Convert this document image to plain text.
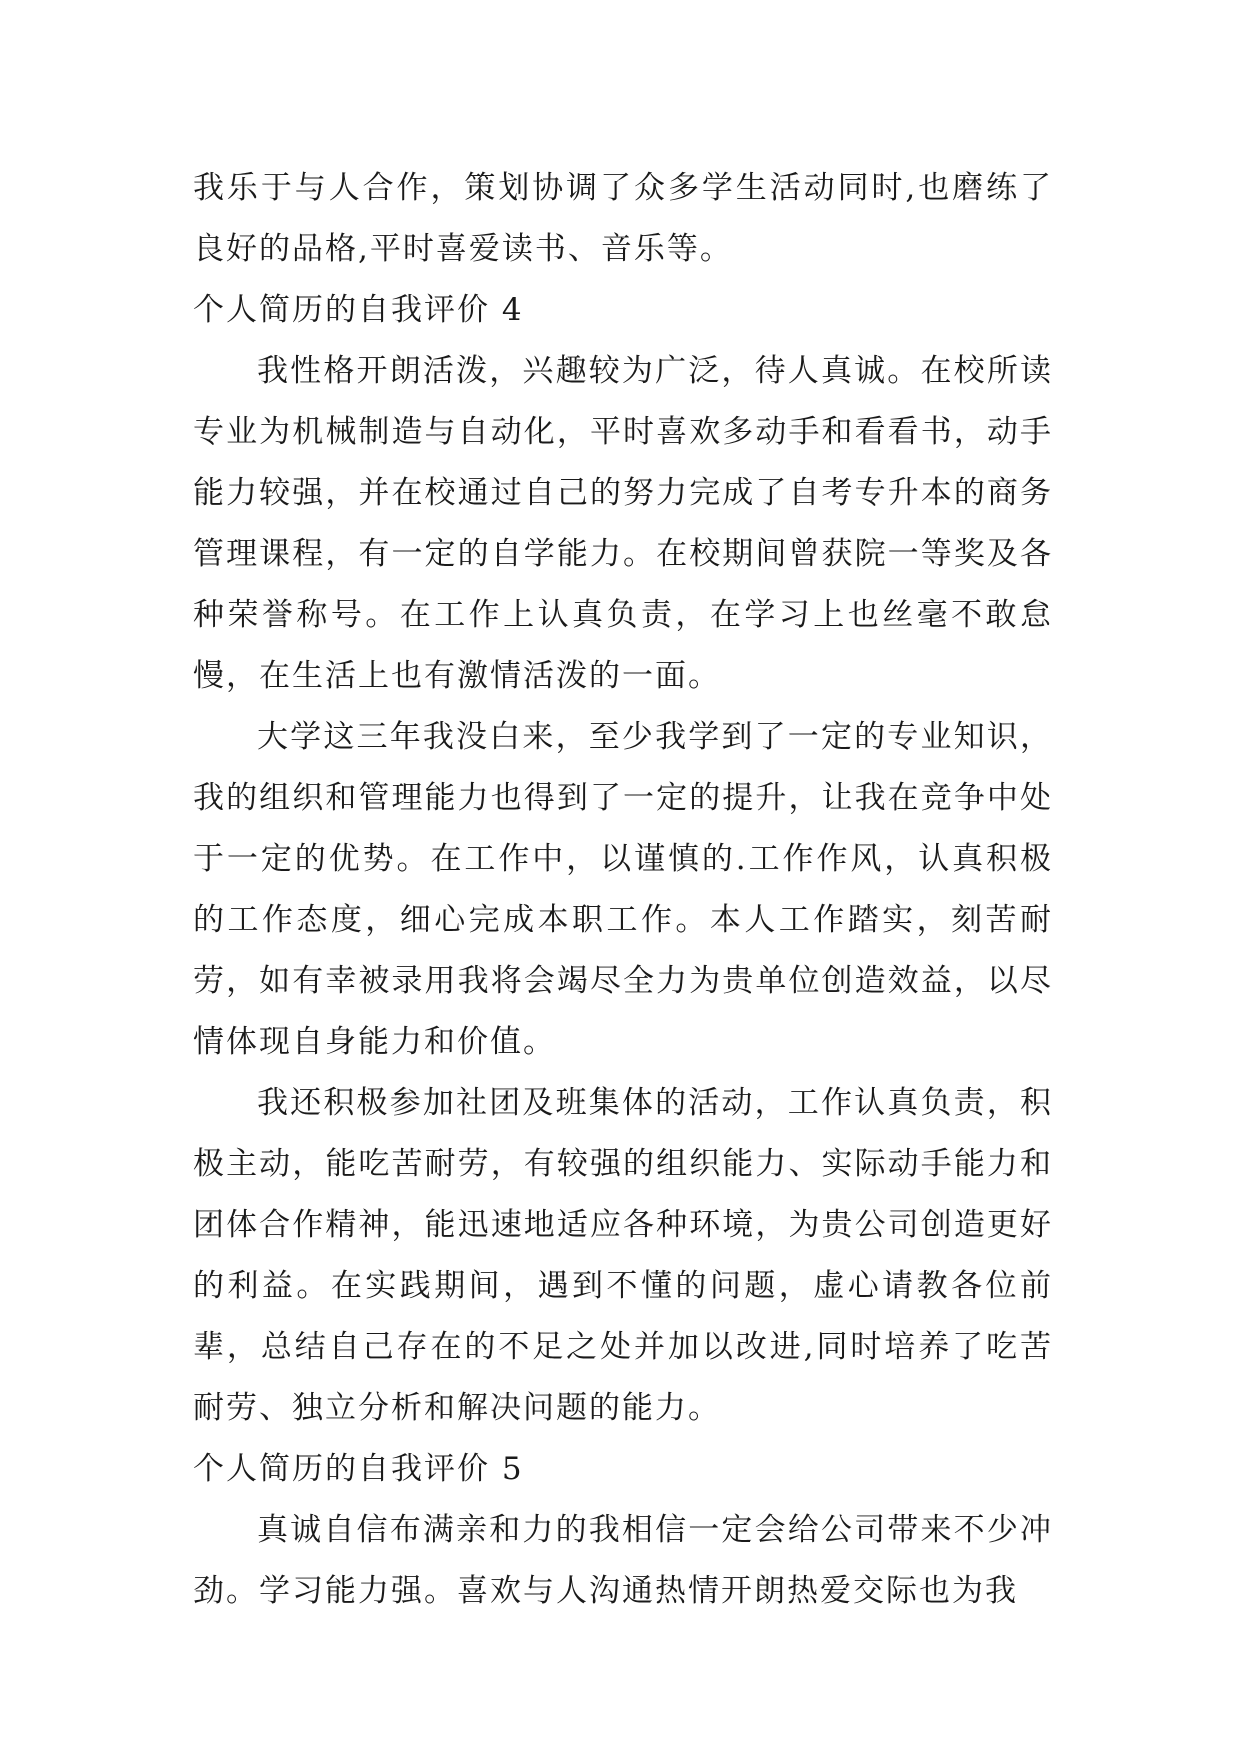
我乐于与人合作，策划协调了众多学生活动同时,也磨练了良好的品格,平时喜爱读书、音乐等。

个人简历的自我评价 4

我性格开朗活泼，兴趣较为广泛，待人真诚。在校所读专业为机械制造与自动化，平时喜欢多动手和看看书，动手能力较强，并在校通过自己的努力完成了自考专升本的商务管理课程，有一定的自学能力。在校期间曾获院一等奖及各种荣誉称号。在工作上认真负责，在学习上也丝毫不敢怠慢，在生活上也有激情活泼的一面。

大学这三年我没白来，至少我学到了一定的专业知识，我的组织和管理能力也得到了一定的提升，让我在竞争中处于一定的优势。在工作中，以谨慎的.工作作风，认真积极的工作态度，细心完成本职工作。本人工作踏实，刻苦耐劳，如有幸被录用我将会竭尽全力为贵单位创造效益，以尽情体现自身能力和价值。

我还积极参加社团及班集体的活动，工作认真负责，积极主动，能吃苦耐劳，有较强的组织能力、实际动手能力和团体合作精神，能迅速地适应各种环境，为贵公司创造更好的利益。在实践期间，遇到不懂的问题，虚心请教各位前辈，总结自己存在的不足之处并加以改进,同时培养了吃苦耐劳、独立分析和解决问题的能力。

个人简历的自我评价 5

真诚自信布满亲和力的我相信一定会给公司带来不少冲劲。学习能力强。喜欢与人沟通热情开朗热爱交际也为我
